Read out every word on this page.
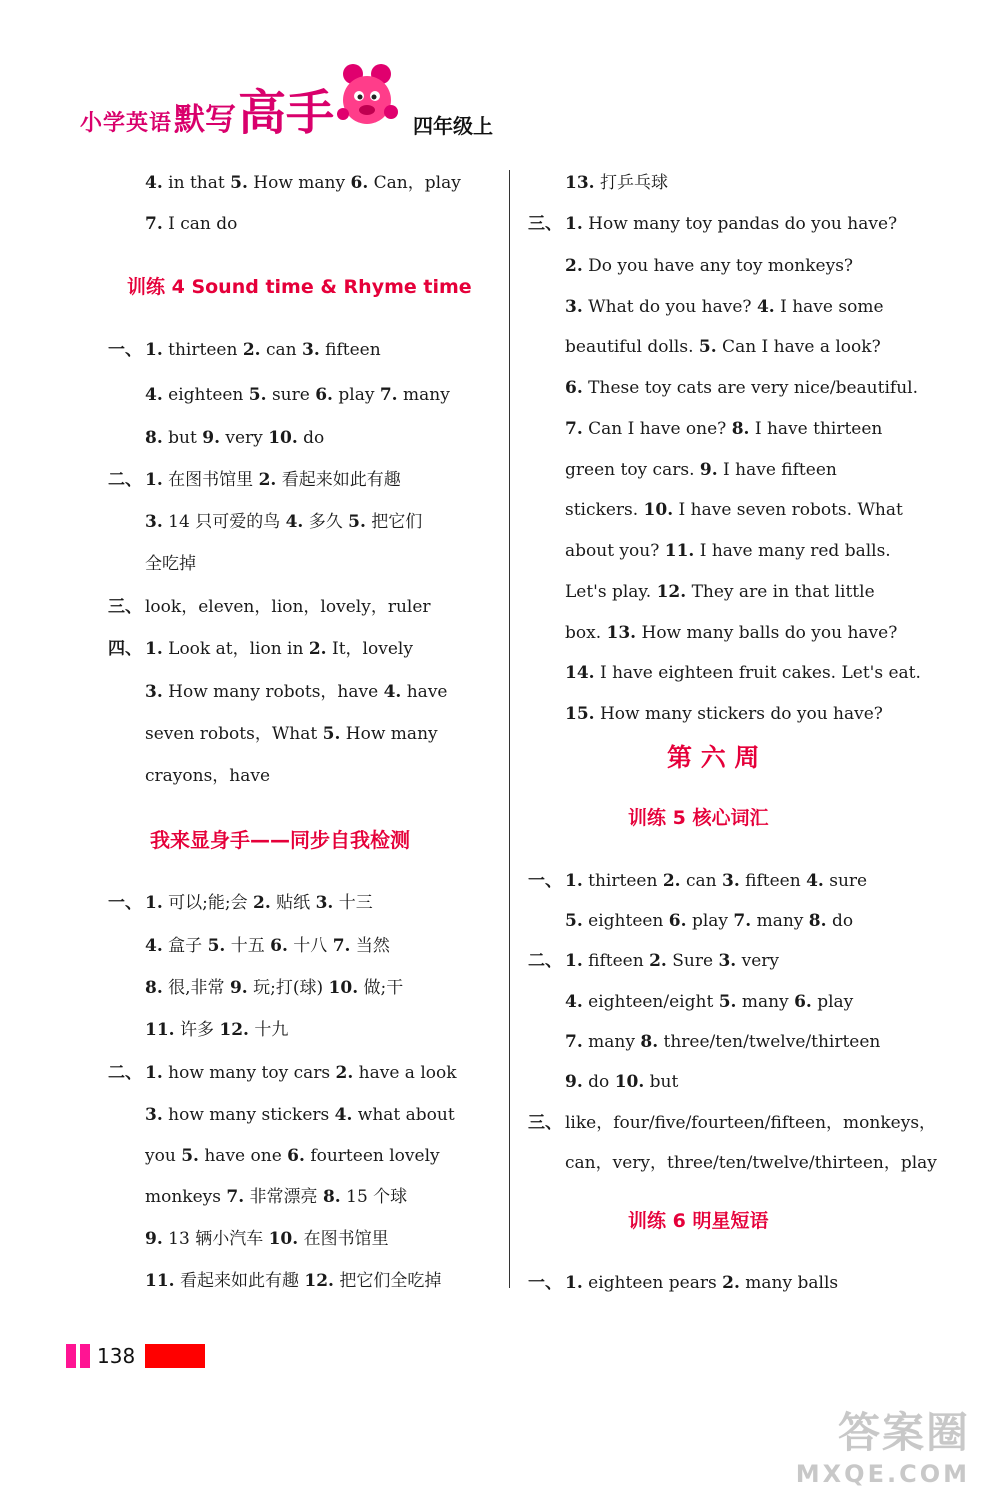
小学英语 默写 高手	四年级上
4. in that 5. How many 6. Can，play
7. I can do
1. thirteen 2. can 3. fifteen
4. eighteen 5. sure 6. play 7. many
8. but 9. very 10. do
1. 在图书馆里 2. 看起来如此有趣
3. 14 只可爱的鸟 4. 多久 5. 把它们
全吃掉
look，eleven，lion，lovely，ruler
1. Look at，lion in 2. It，lovely
3. How many robots，have 4. have
seven robots，What 5. How many
crayons，have
1. 可以;能;会 2. 贴纸 3. 十三
4. 盒子 5. 十五 6. 十八 7. 当然
8. 很,非常 9. 玩;打(球) 10. 做;干
11. 许多 12. 十九
1. how many toy cars 2. have a look
3. how many stickers 4. what about
you 5. have one 6. fourteen lovely
monkeys 7. 非常漂亮 8. 15 个球
9. 13 辆小汽车 10. 在图书馆里
11. 看起来如此有趣 12. 把它们全吃掉
13. 打乒乓球
1. How many toy pandas do you have?
2. Do you have any toy monkeys?
3. What do you have? 4. I have some
beautiful dolls. 5. Can I have a look?
6. These toy cats are very nice/beautiful.
7. Can I have one? 8. I have thirteen
green toy cars. 9. I have fifteen
stickers. 10. I have seven robots. What
about you? 11. I have many red balls.
Let's play. 12. They are in that little
box. 13. How many balls do you have?
14. I have eighteen fruit cakes. Let's eat.
15. How many stickers do you have?
1. thirteen 2. can 3. fifteen 4. sure
5. eighteen 6. play 7. many 8. do
1. fifteen 2. Sure 3. very
4. eighteen/eight 5. many 6. play
7. many 8. three/ten/twelve/thirteen
9. do 10. but
like，four/five/fourteen/fifteen，monkeys，
can，very，three/ten/twelve/thirteen，play
1. eighteen pears 2. many balls
一、
二、
三、
四、
一、
二、
三、
一、
二、
三、
一、
训练 4 Sound time & Rhyme time
我来显身手——同步自我检测
第 六 周
训练 5 核心词汇
训练 6 明星短语
138
答案圈
MXQE.COM
